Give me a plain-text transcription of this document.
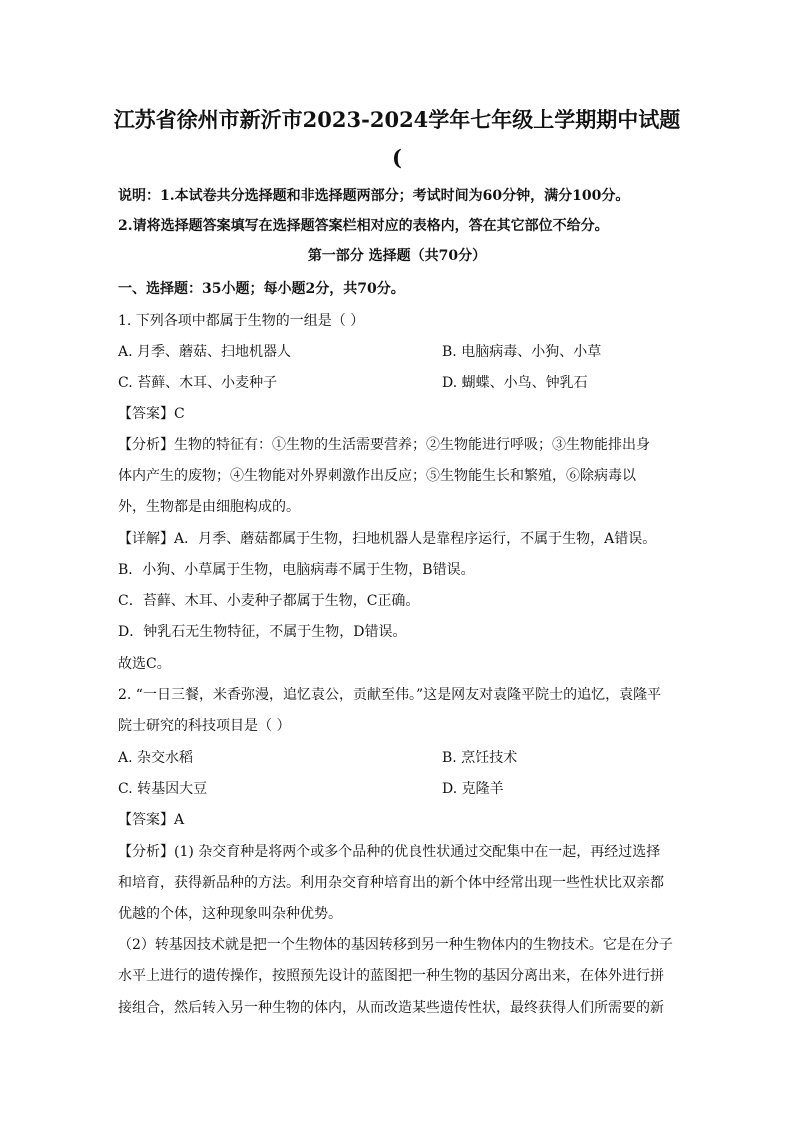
江苏省徐州市新沂市2023-2024学年七年级上学期期中试题
(
说明：1.本试卷共分选择题和非选择题两部分；考试时间为60分钟，满分100分。
2.请将选择题答案填写在选择题答案栏相对应的表格内，答在其它部位不给分。
第一部分 选择题（共70分）
一、选择题：35小题；每小题2分，共70分。
1. 下列各项中都属于生物的一组是（ ）
A. 月季、蘑菇、扫地机器人	B. 电脑病毒、小狗、小草
C. 苔藓、木耳、小麦种子	D. 蝴蝶、小鸟、钟乳石
【答案】C
【分析】生物的特征有：①生物的生活需要营养；②生物能进行呼吸；③生物能排出身
体内产生的废物；④生物能对外界刺激作出反应；⑤生物能生长和繁殖，⑥除病毒以
外，生物都是由细胞构成的。
【详解】A．月季、蘑菇都属于生物，扫地机器人是靠程序运行，不属于生物，A错误。
B．小狗、小草属于生物，电脑病毒不属于生物，B错误。
C．苔藓、木耳、小麦种子都属于生物，C正确。
D．钟乳石无生物特征，不属于生物，D错误。
故选C。
2. “一日三餐，米香弥漫，追忆袁公，贡献至伟。”这是网友对袁隆平院士的追忆，袁隆平
院士研究的科技项目是（ ）
A. 杂交水稻	B. 烹饪技术
C. 转基因大豆	D. 克隆羊
【答案】A
【分析】(1) 杂交育种是将两个或多个品种的优良性状通过交配集中在一起，再经过选择
和培育，获得新品种的方法。利用杂交育种培育出的新个体中经常出现一些性状比双亲都
优越的个体，这种现象叫杂种优势。
（2）转基因技术就是把一个生物体的基因转移到另一种生物体内的生物技术。它是在分子
水平上进行的遗传操作，按照预先设计的蓝图把一种生物的基因分离出来，在体外进行拼
接组合，然后转入另一种生物的体内，从而改造某些遗传性状，最终获得人们所需要的新
